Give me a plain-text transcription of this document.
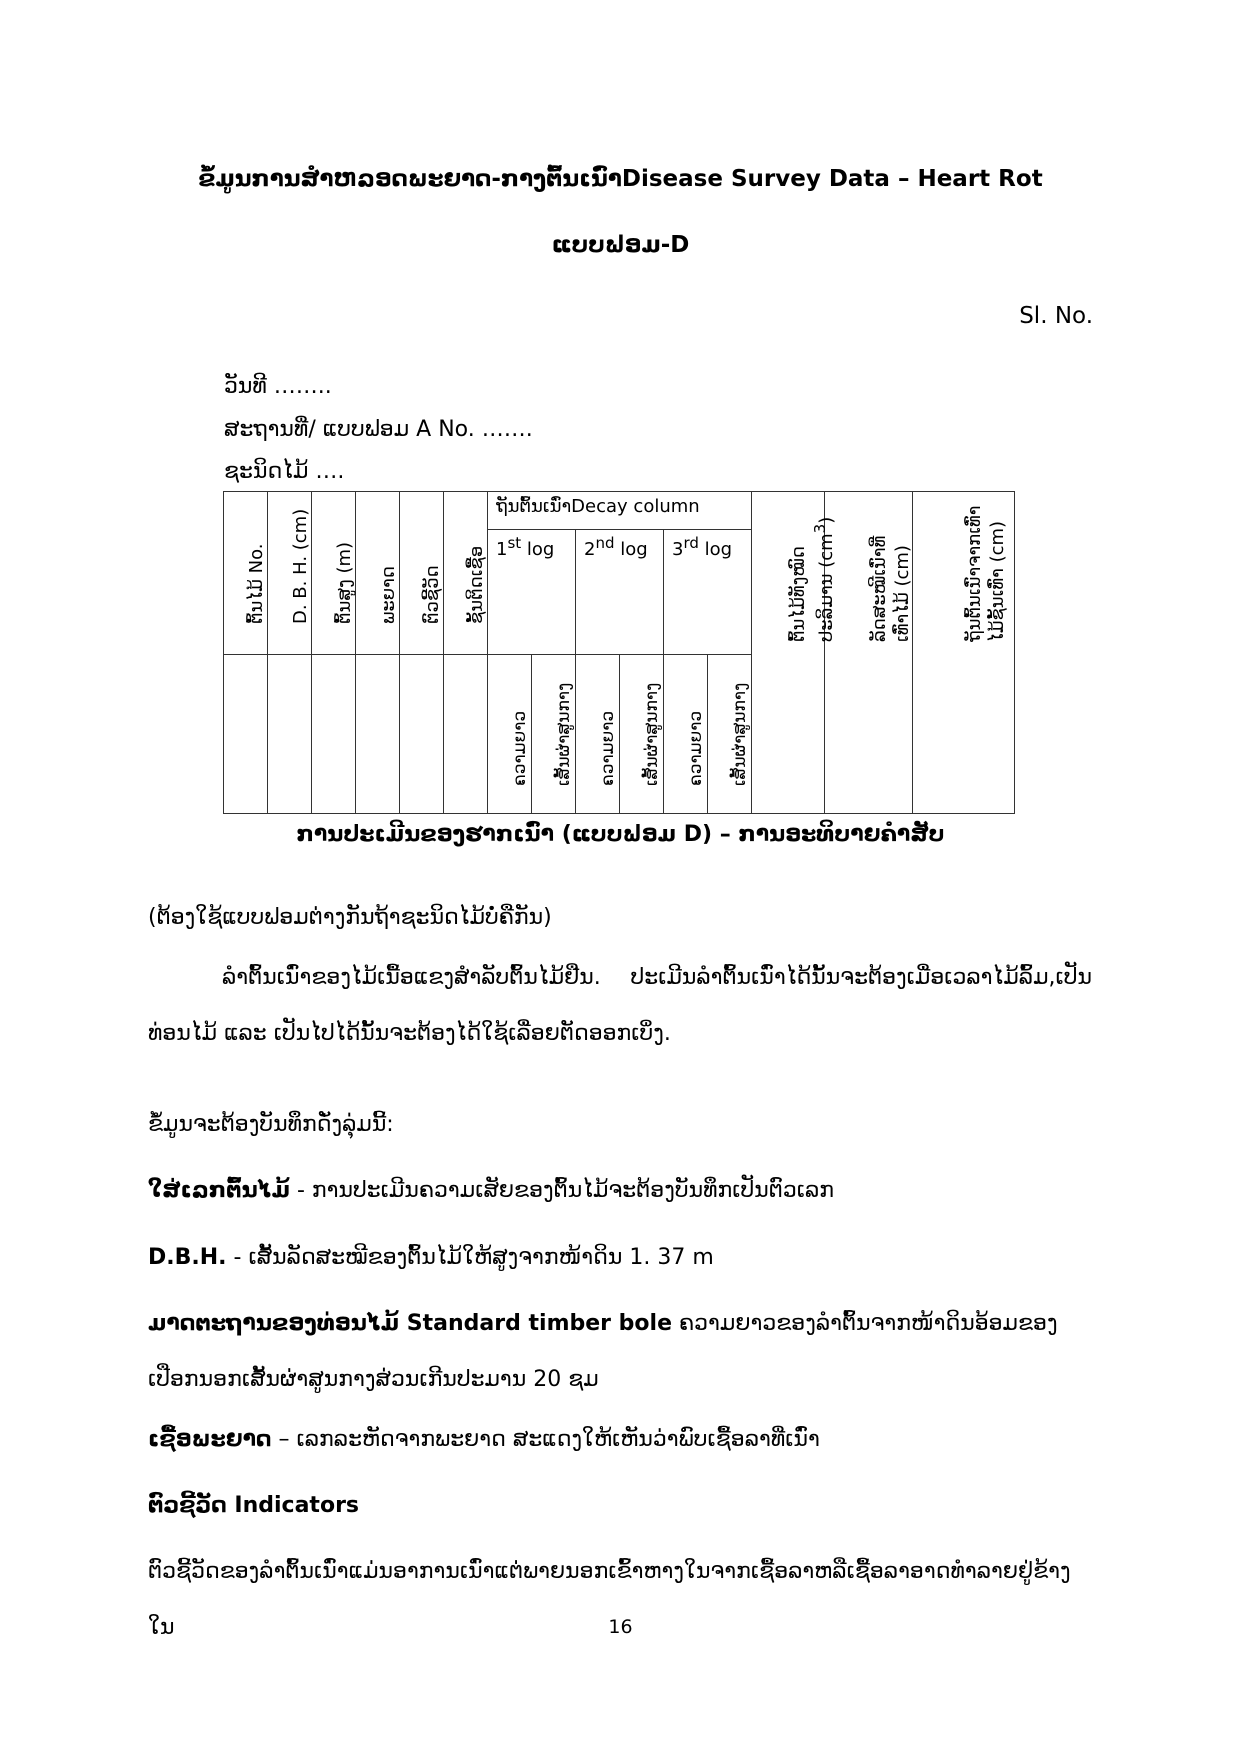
ຂໍ້ມູນການສຳຫລອດພະຍາດ-ກາງຕົ້ນເນົ່າDisease Survey Data – Heart Rot
ແບບຟອມ-D
Sl. No.
ວັນທີ ……..
ສະຖານທີ່/ ແບບຟອມ A No. …….
ຊະນິດໄມ້ ….
ຕົ້ນໄມ້ No.	D. B. H. (cm)	ຕົ້ນສູງ (m)	ພະຍາດ	ຕົວຊີ້ວັດ	ຊັ້ນຕິດເຊື້ອ	ຖັນຕົ້ນເນົ່າDecay column						ຕົ້ນໄມ້ທັງໝົດ ປະລິມານ $(cm^3)$	ລັດສະໝີເນົ່າທີ່
ເທົ່າໄມ້ (cm)	ຖັນຕົ້ນເນົ່າຈາກເທົ່າ
ໄມ້ຊັ້ນເທົ່າ (cm)

						1st log		2nd log		3rd log				

						ຄວາມຍາວ	ເສັ້ນຜ່າສູນກາງ	ຄວາມຍາວ	ເສັ້ນຜ່າສູນກາງ	ຄວາມຍາວ	ເສັ້ນຜ່າສູນກາງ			
ການປະເມີນຂອງຮາກເນົ່າ (ແບບຟອມ D) – ການອະທິບາຍຄຳສັບ
(ຕ້ອງໃຊ້ແບບຟອມຕ່າງກັນຖ້າຊະນິດໄມ້ບໍ່ຄືກັນ)
ລຳຕົ້ນເນົ່າຂອງໄມ້ເນື້ອແຂງສຳລັບຕົ້ນໄມ້ຢືນ. ປະເມີນລຳຕົ້ນເນົ່າໄດ້ນັ້ນຈະຕ້ອງເມື່ອເວລາໄມ້ລົ້ມ,ເປັນທ່ອນໄມ້ ແລະ ເປັນໄປໄດ້ນັ້ນຈະຕ້ອງໄດ້ໃຊ້ເລື່ອຍຕັດອອກເບິ່ງ.
ຂໍ້ມູນຈະຕ້ອງບັນທຶກດັ່ງລຸ່ມນີ້:
ໃສ່ເລກຕົ້ນໄມ້ - ການປະເມີນຄວາມເສັຍຂອງຕົ້ນໄມ້ຈະຕ້ອງບັນທຶກເປັນຕົວເລກ
D.B.H. - ເສັ້ນລັດສະໝີຂອງຕົ້ນໄມ້ໃຫ້ສູງຈາກໜ້າດິນ 1. 37 m
ມາດຕະຖານຂອງທ່ອນໄມ້ Standard timber bole ຄວາມຍາວຂອງລຳຕົ້ນຈາກໜ້າດິນອ້ອມຂອງເປືອກນອກເສັ້ນຜ່າສູນກາງສ່ວນເກີນປະມານ 20 ຊມ
ເຊື້ອພະຍາດ – ເລກລະຫັດຈາກພະຍາດ ສະແດງໃຫ້ເຫັນວ່າພົບເຊື້ອລາທີ່ເນົ່າ
ຕົວຊີ້ວັດ Indicators
ຕົວຊີ້ວັດຂອງລຳຕົ້ນເນົ່າແມ່ນອາການເນົ່າແຕ່ພາຍນອກເຂົ້າຫາງໃນຈາກເຊື້ອລາຫລືເຊື້ອລາອາດທຳລາຍຢູ່ຂ້າງໃນ	16
